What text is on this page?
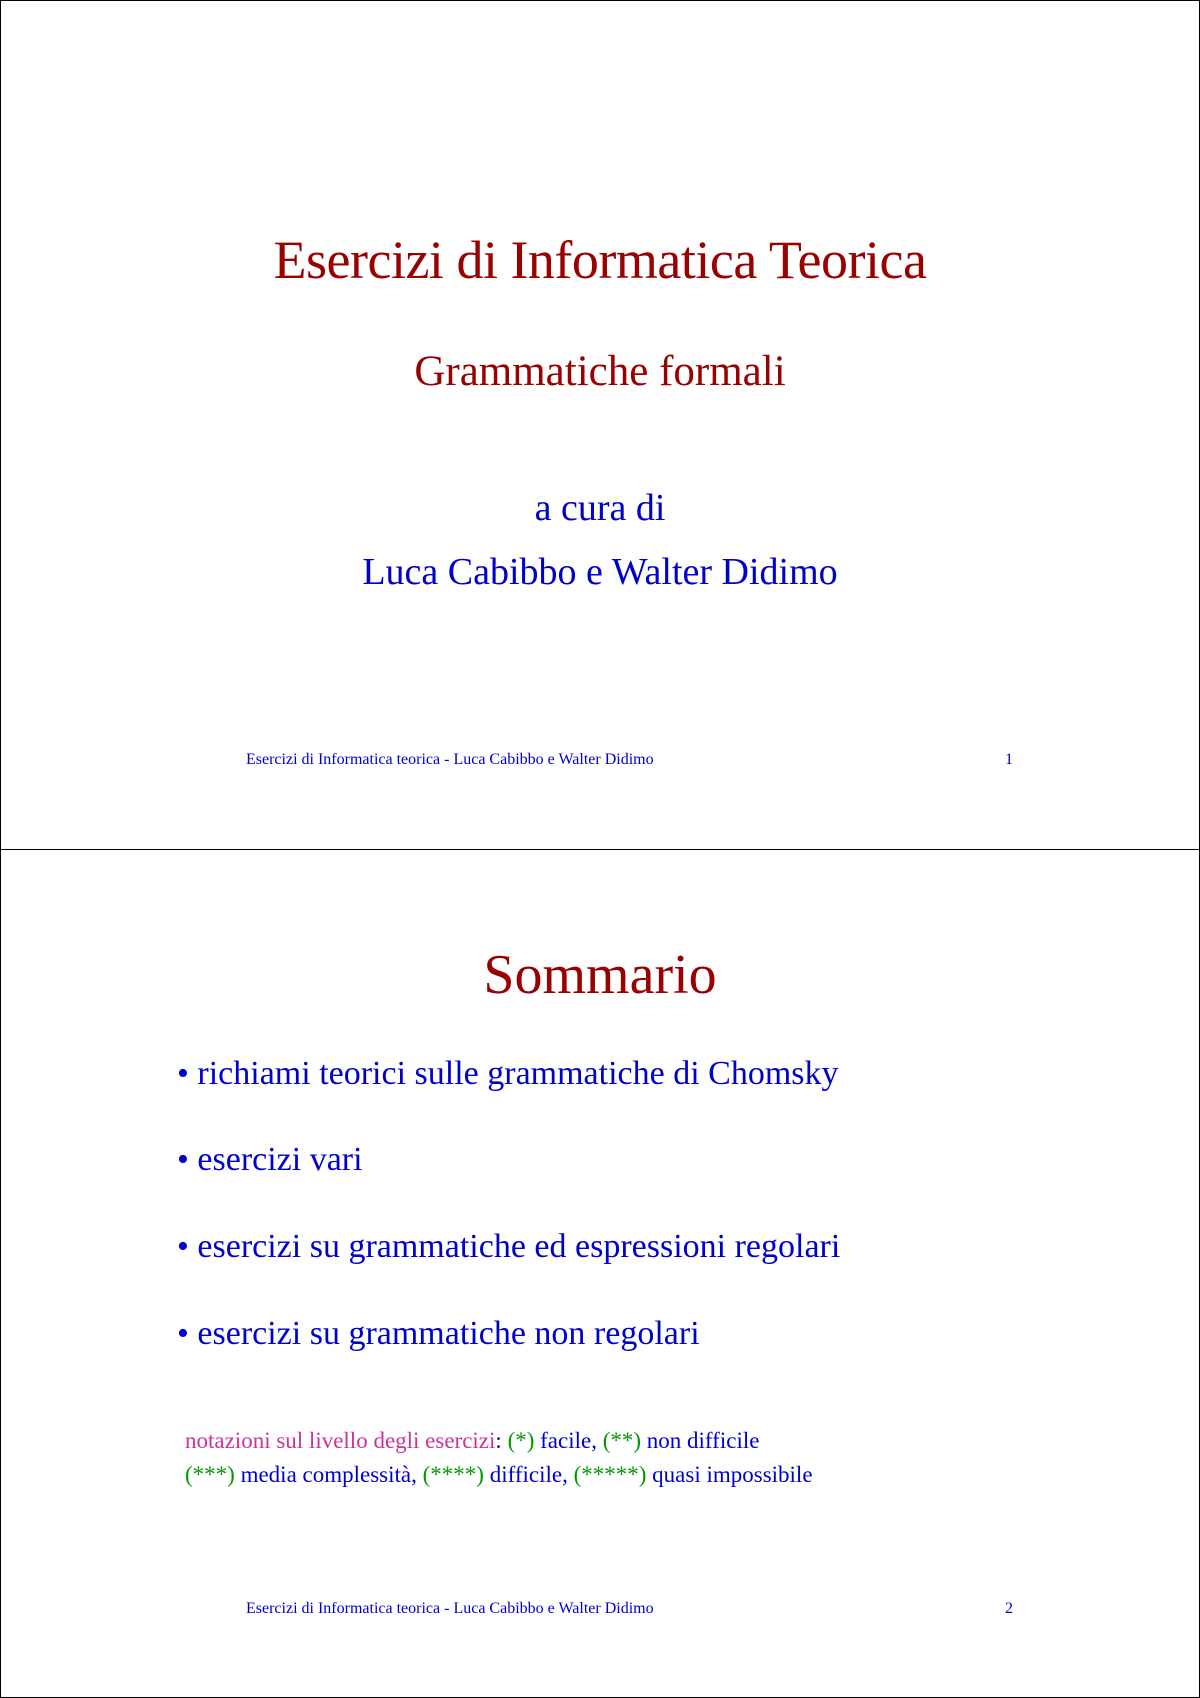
Esercizi di Informatica Teorica
Grammatiche formali
a cura di
Luca Cabibbo e Walter Didimo
Esercizi di Informatica teorica - Luca Cabibbo e Walter Didimo	1
Sommario
• richiami teorici sulle grammatiche di Chomsky
• esercizi vari
• esercizi su grammatiche ed espressioni regolari
• esercizi su grammatiche non regolari
notazioni sul livello degli esercizi: (*) facile, (**) non difficile
(***) media complessità, (****) difficile, (*****) quasi impossibile
Esercizi di Informatica teorica - Luca Cabibbo e Walter Didimo	2
